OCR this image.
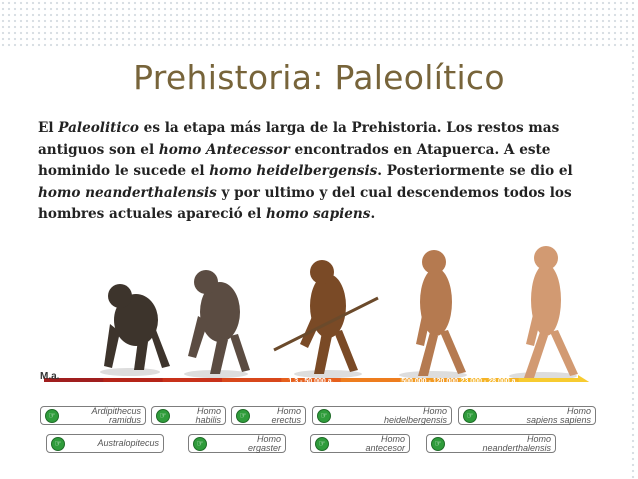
Prehistoria: Paleolítico
El Paleolitico es la etapa más larga de la Prehistoria. Los restos mas antiguos son el homo Antecessor encontrados en Atapuerca. A este hominido le sucede el homo heidelbergensis. Posteriormente se dio el homo neanderthalensis y por ultimo y del cual descendemos todos los hombres actuales apareció el homo sapiens.
M.a.
4,5	4 - 2	2,5 - 1,6	1,6 - 1,3
1,3 - 50 000 a.
800 000 a.
500 000 - 120 000 a.
23 000 - 28 000 a.
150 000 años
☞	Ardipithecus
ramidus	☞	Homo
habilis	☞	Homo
erectus	☞	Homo
heidelbergensis	☞	Homo
sapiens sapiens
☞	Australopitecus	☞	Homo
ergaster	☞	Homo
antecesor	☞	Homo
neanderthalensis
